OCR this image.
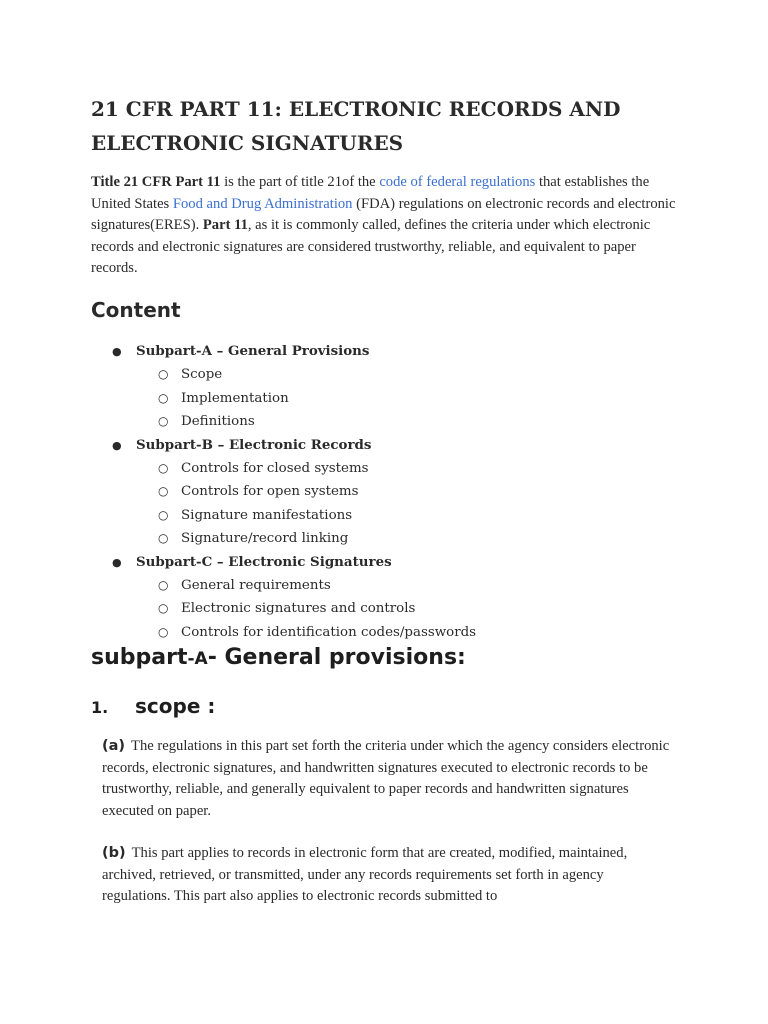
21 CFR PART 11: ELECTRONIC RECORDS AND ELECTRONIC SIGNATURES

Title 21 CFR Part 11 is the part of title 21of the code of federal regulations that establishes the United States Food and Drug Administration (FDA) regulations on electronic records and electronic signatures(ERES). Part 11, as it is commonly called, defines the criteria under which electronic records and electronic signatures are considered trustworthy, reliable, and equivalent to paper records.

Content
● Subpart-A – General Provisions
○ Scope
○ Implementation
○ Definitions
● Subpart-B – Electronic Records
○ Controls for closed systems
○ Controls for open systems
○ Signature manifestations
○ Signature/record linking
● Subpart-C – Electronic Signatures
○ General requirements
○ Electronic signatures and controls
○ Controls for identification codes/passwords
subpart-A- General provisions:
1. scope :

(a) The regulations in this part set forth the criteria under which the agency considers electronic records, electronic signatures, and handwritten signatures executed to electronic records to be trustworthy, reliable, and generally equivalent to paper records and handwritten signatures executed on paper.

(b) This part applies to records in electronic form that are created, modified, maintained, archived, retrieved, or transmitted, under any records requirements set forth in agency regulations. This part also applies to electronic records submitted to
